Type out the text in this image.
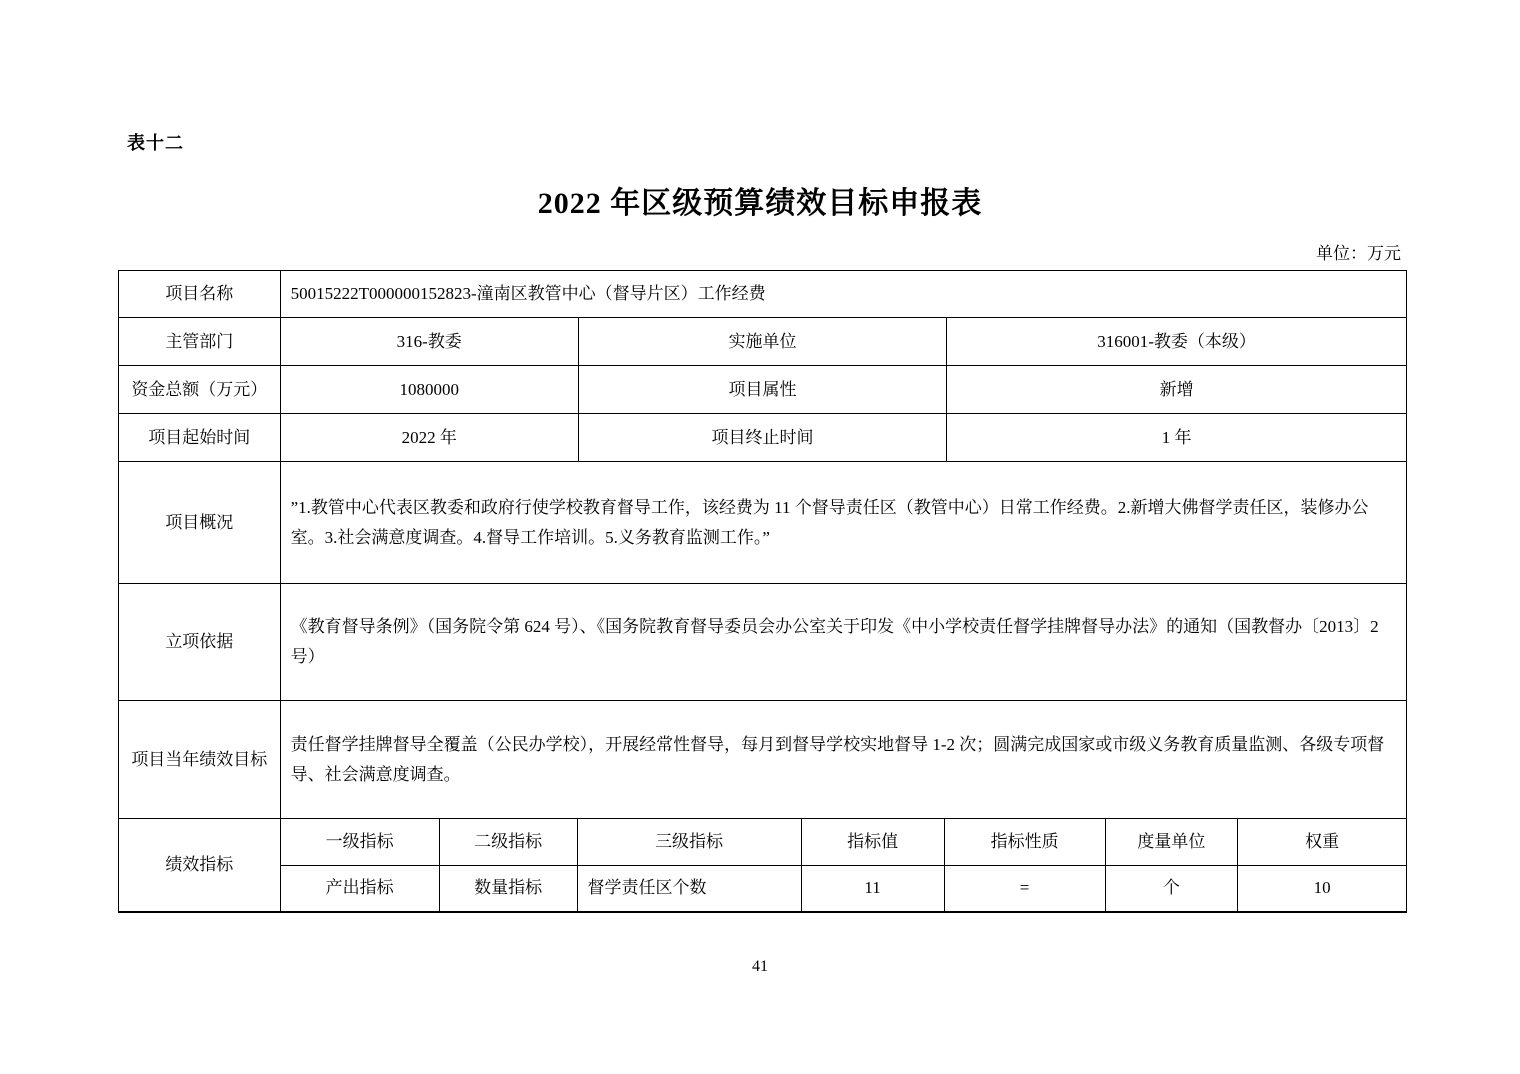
表十二
2022 年区级预算绩效目标申报表
单位：万元
项目名称	50015222T000000152823-潼南区教管中心（督导片区）工作经费		
主管部门	316-教委	实施单位	316001-教委（本级）
资金总额（万元）	1080000	项目属性	新增
项目起始时间	2022 年	项目终止时间	1 年
项目概况	”1.教管中心代表区教委和政府行使学校教育督导工作，该经费为 11 个督导责任区（教管中心）日常工作经费。2.新增大佛督学责任区，装修办公室。3.社会满意度调查。4.督导工作培训。5.义务教育监测工作。”		
立项依据	《教育督导条例》（国务院令第 624 号）、《国务院教育督导委员会办公室关于印发《中小学校责任督学挂牌督导办法》的通知（国教督办〔2013〕2 号）		
项目当年绩效目标	责任督学挂牌督导全覆盖（公民办学校），开展经常性督导，每月到督导学校实地督导 1-2 次；圆满完成国家或市级义务教育质量监测、各级专项督导、社会满意度调查。		
绩效指标	一级指标	二级指标	三级指标	指标值	指标性质	度量单位	权重
	产出指标	数量指标	督学责任区个数	11	=	个	10
41
